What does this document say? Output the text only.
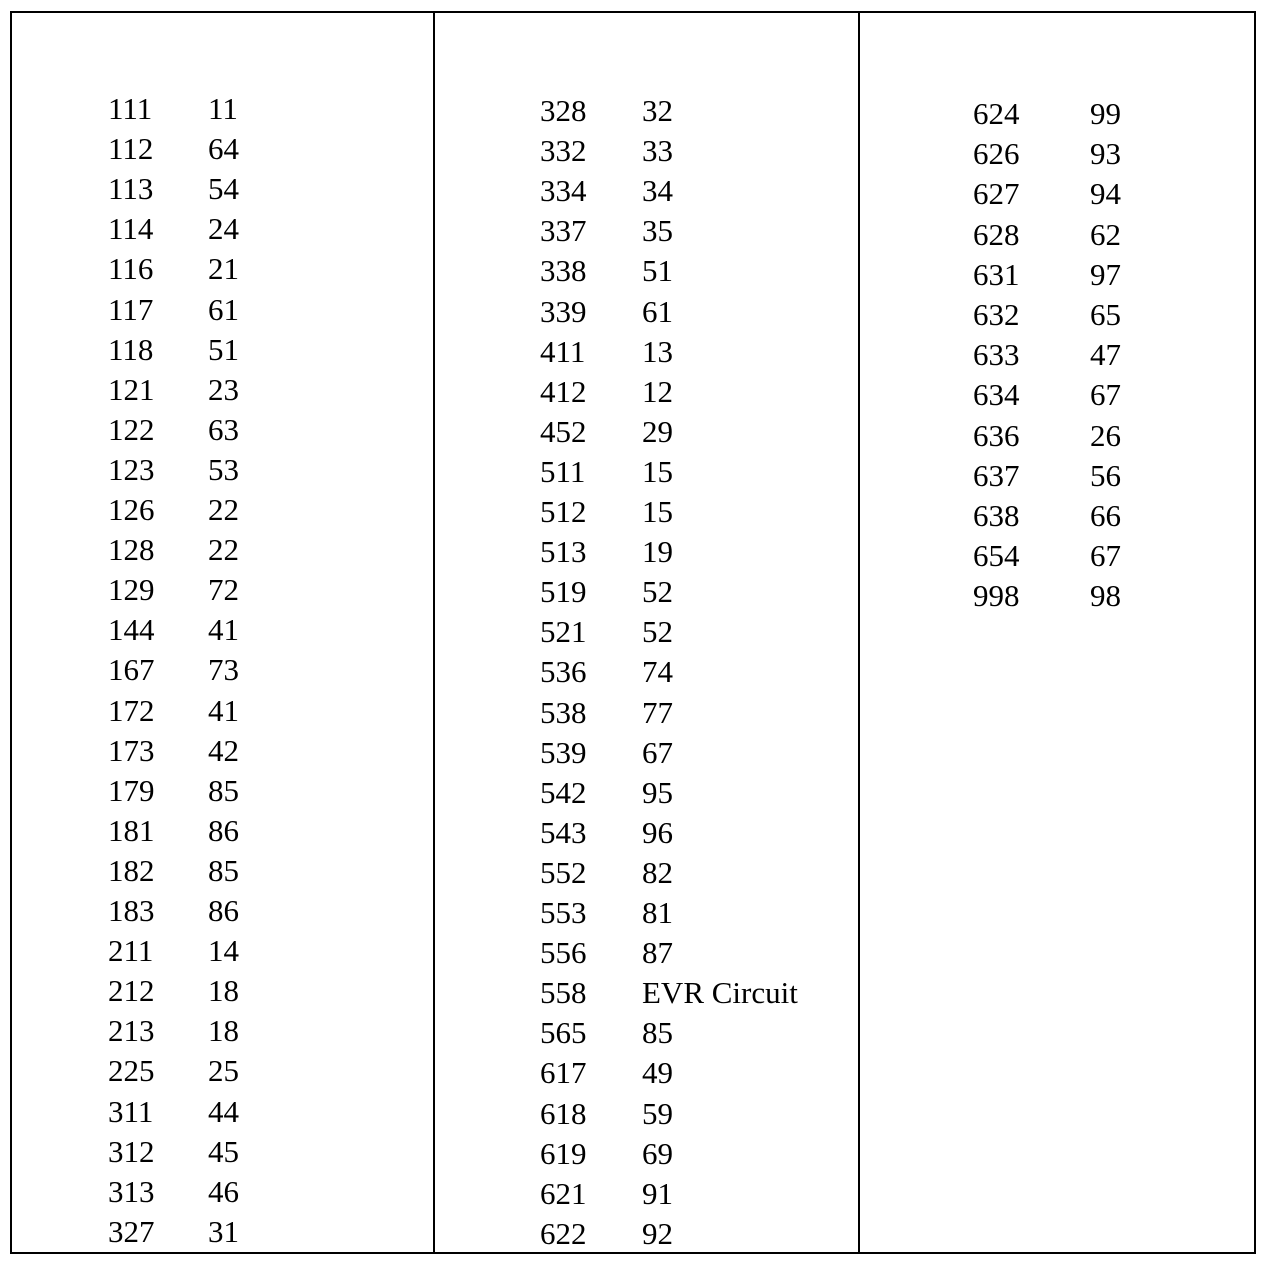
111 11
112 64
113 54
114 24
116 21
117 61
118 51
121 23
122 63
123 53
126 22
128 22
129 72
144 41
167 73
172 41
173 42
179 85
181 86
182 85
183 86
211 14
212 18
213 18
225 25
311 44
312 45
313 46
327 31
328 32
332 33
334 34
337 35
338 51
339 61
411 13
412 12
452 29
511 15
512 15
513 19
519 52
521 52
536 74
538 77
539 67
542 95
543 96
552 82
553 81
556 87
558 EVR Circuit
565 85
617 49
618 59
619 69
621 91
622 92
624 99
626 93
627 94
628 62
631 97
632 65
633 47
634 67
636 26
637 56
638 66
654 67
998 98
